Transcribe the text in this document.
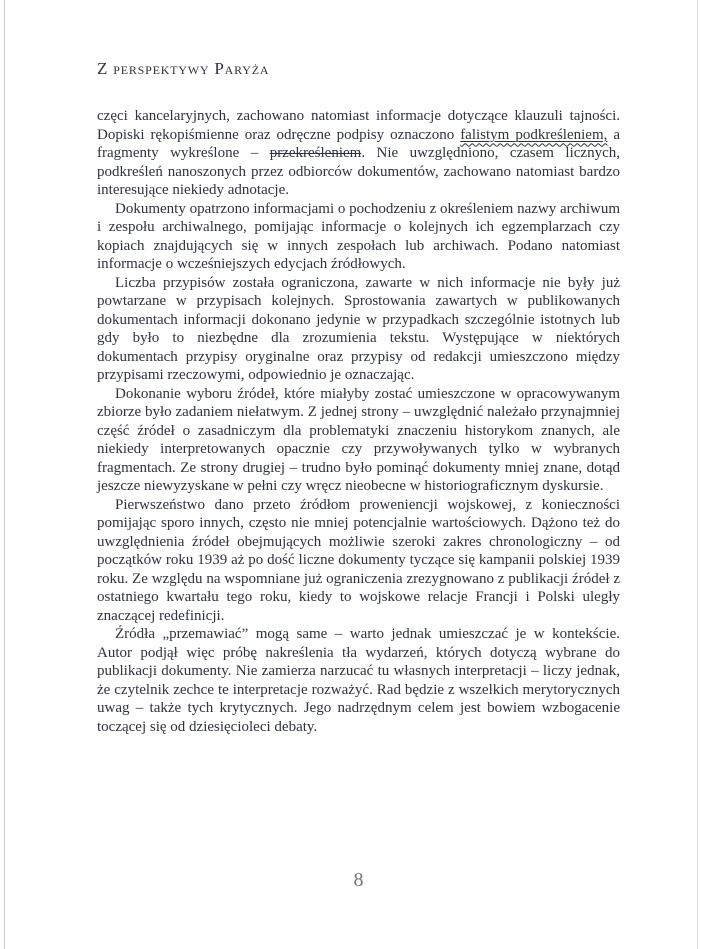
Z perspektywy Paryża

częci kancelaryjnych, zachowano natomiast informacje dotyczące klauzuli tajności. Dopiski rękopiśmienne oraz odręczne podpisy oznaczono falistym podkreśleniem, a fragmenty wykreślone – przekreśleniem. Nie uwzględniono, czasem licznych, podkreśleń nanoszonych przez odbiorców dokumentów, zachowano natomiast bardzo interesujące niekiedy adnotacje.

Dokumenty opatrzono informacjami o pochodzeniu z określeniem nazwy archiwum i zespołu archiwalnego, pomijając informacje o kolejnych ich egzemplarzach czy kopiach znajdujących się w innych zespołach lub archiwach. Podano natomiast informacje o wcześniejszych edycjach źródłowych.

Liczba przypisów została ograniczona, zawarte w nich informacje nie były już powtarzane w przypisach kolejnych. Sprostowania zawartych w publikowanych dokumentach informacji dokonano jedynie w przypadkach szczególnie istotnych lub gdy było to niezbędne dla zrozumienia tekstu. Występujące w niektórych dokumentach przypisy oryginalne oraz przypisy od redakcji umieszczono między przypisami rzeczowymi, odpowiednio je oznaczając.

Dokonanie wyboru źródeł, które miałyby zostać umieszczone w opracowywanym zbiorze było zadaniem niełatwym. Z jednej strony – uwzględnić należało przynajmniej część źródeł o zasadniczym dla problematyki znaczeniu historykom znanych, ale niekiedy interpretowanych opacznie czy przywoływanych tylko w wybranych fragmentach. Ze strony drugiej – trudno było pominąć dokumenty mniej znane, dotąd jeszcze niewyzyskane w pełni czy wręcz nieobecne w historiograficznym dyskursie.

Pierwszeństwo dano przeto źródłom proweniencji wojskowej, z konieczności pomijając sporo innych, często nie mniej potencjalnie wartościowych. Dążono też do uwzględnienia źródeł obejmujących możliwie szeroki zakres chronologiczny – od początków roku 1939 aż po dość liczne dokumenty tyczące się kampanii polskiej 1939 roku. Ze względu na wspomniane już ograniczenia zrezygnowano z publikacji źródeł z ostatniego kwartału tego roku, kiedy to wojskowe relacje Francji i Polski uległy znaczącej redefinicji.

Źródła „przemawiać” mogą same – warto jednak umieszczać je w kontekście. Autor podjął więc próbę nakreślenia tła wydarzeń, których dotyczą wybrane do publikacji dokumenty. Nie zamierza narzucać tu własnych interpretacji – liczy jednak, że czytelnik zechce te interpretacje rozważyć. Rad będzie z wszelkich merytorycznych uwag – także tych krytycznych. Jego nadrzędnym celem jest bowiem wzbogacenie toczącej się od dziesięcioleci debaty.

8
